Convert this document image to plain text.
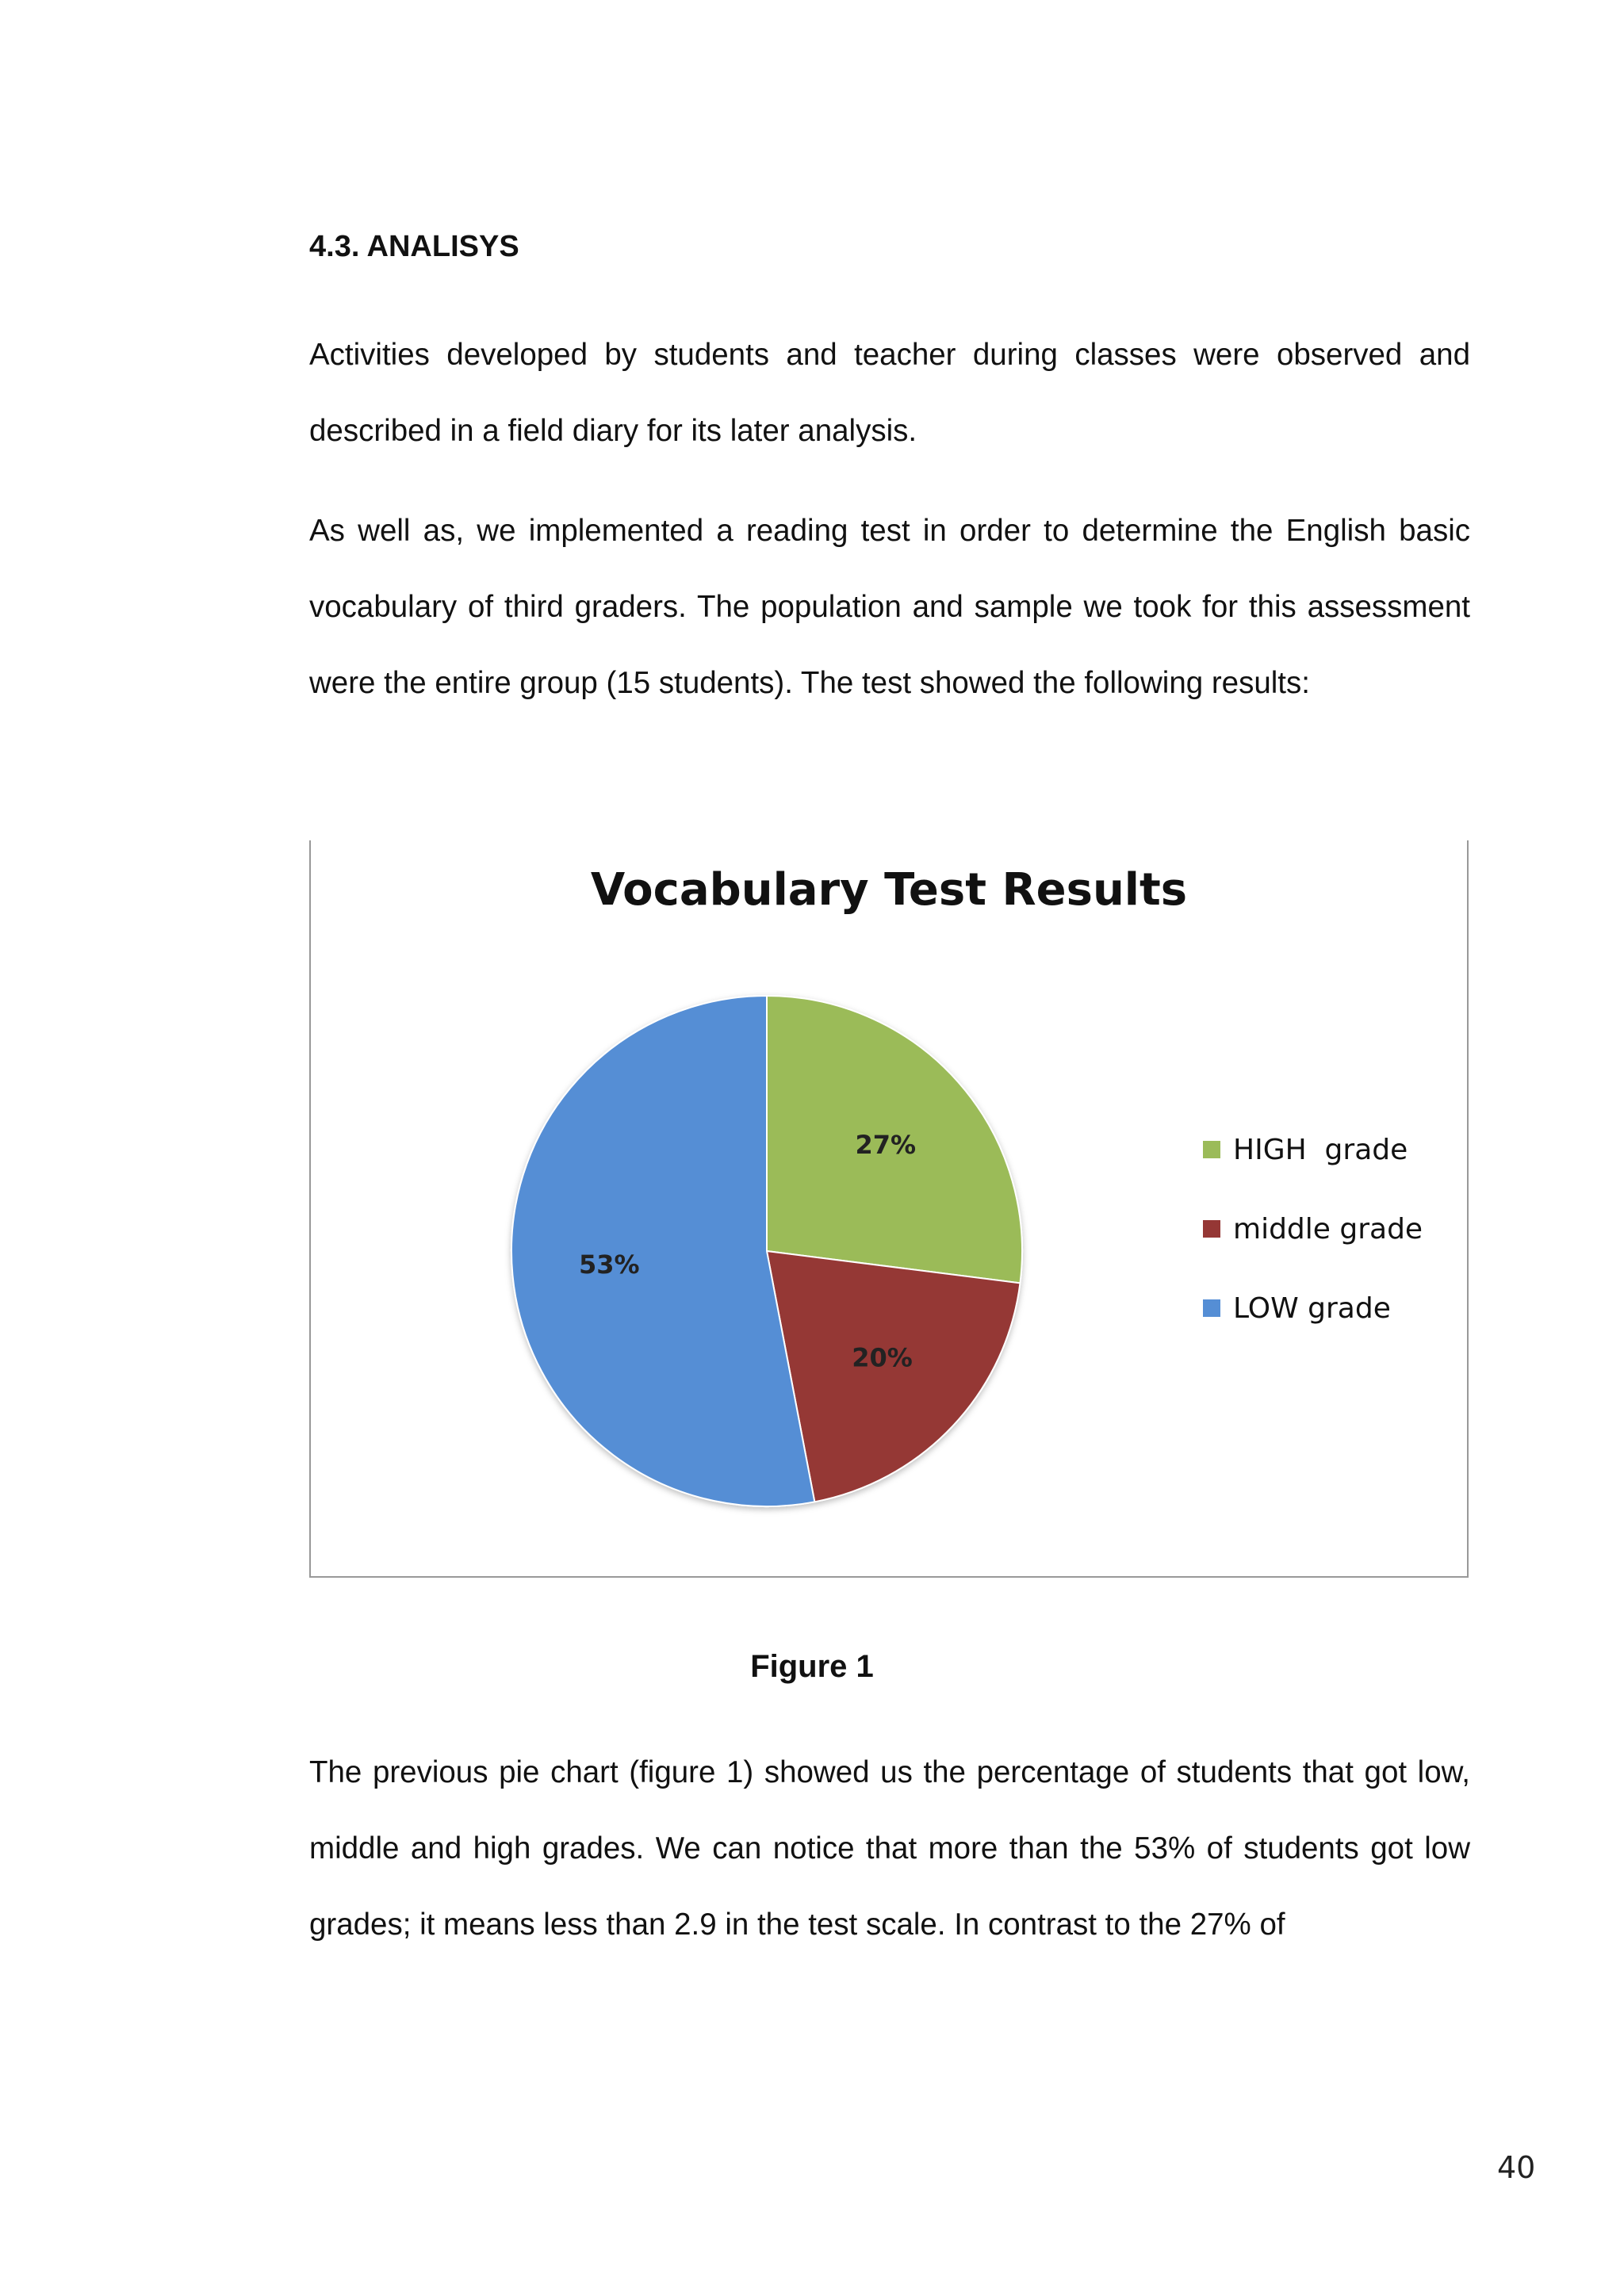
4.3. ANALISYS

Activities developed by students and teacher during classes were observed and described in a field diary for its later analysis.

As well as, we implemented a reading test in order to determine the English basic vocabulary of third graders. The population and sample we took for this assessment were the entire group (15 students). The test showed the following results:

Vocabulary Test Results
27%
20%
53%
HIGH  grade
middle grade
LOW grade
Figure 1

The previous pie chart (figure 1) showed us the percentage of students that got low, middle and high grades. We can notice that more than the 53% of students got low grades; it means less than 2.9 in the test scale. In contrast to the 27% of

40
